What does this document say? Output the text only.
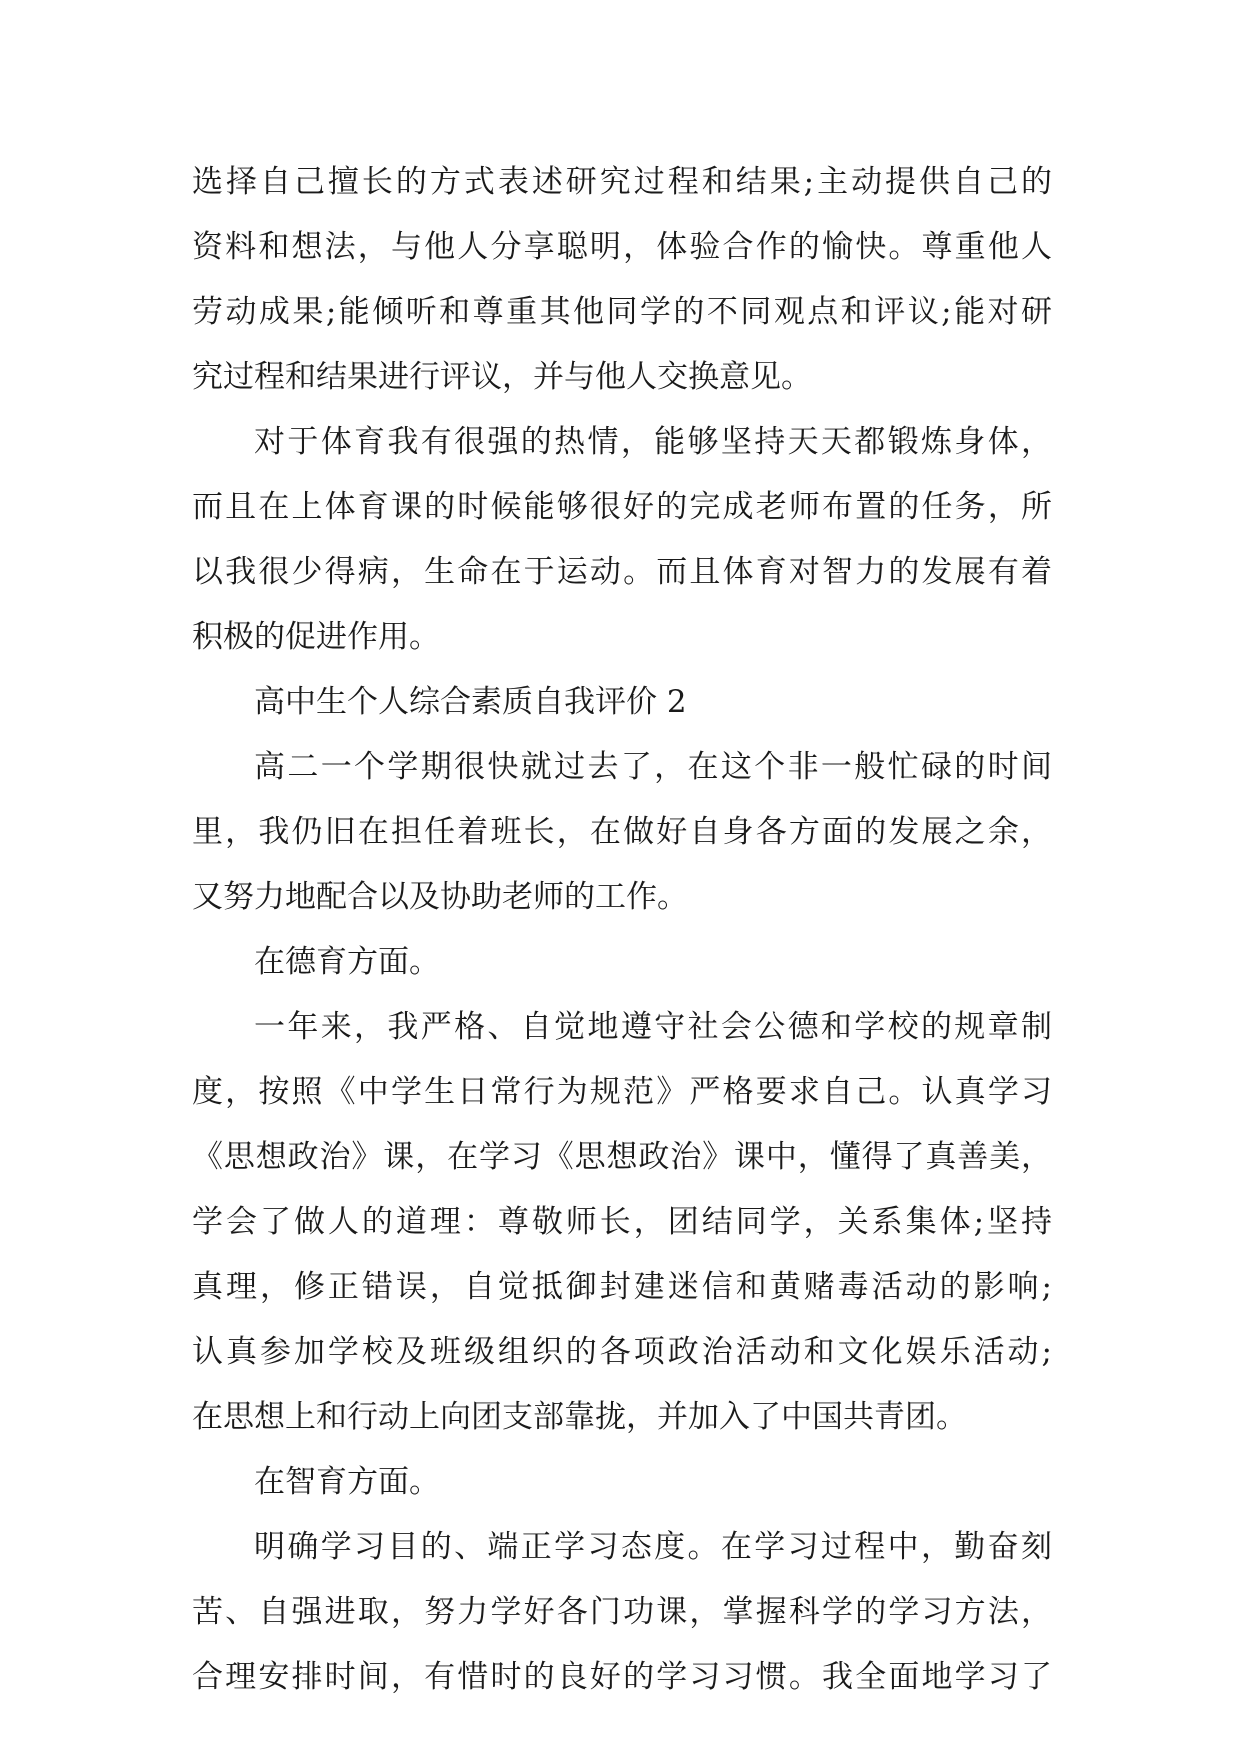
选择自己擅长的方式表述研究过程和结果;主动提供自己的
资料和想法，与他人分享聪明，体验合作的愉快。尊重他人
劳动成果;能倾听和尊重其他同学的不同观点和评议;能对研
究过程和结果进行评议，并与他人交换意见。
对于体育我有很强的热情，能够坚持天天都锻炼身体，
而且在上体育课的时候能够很好的完成老师布置的任务，所
以我很少得病，生命在于运动。而且体育对智力的发展有着
积极的促进作用。
高中生个人综合素质自我评价 2
高二一个学期很快就过去了，在这个非一般忙碌的时间
里，我仍旧在担任着班长，在做好自身各方面的发展之余，
又努力地配合以及协助老师的工作。
在德育方面。
一年来，我严格、自觉地遵守社会公德和学校的规章制
度，按照《中学生日常行为规范》严格要求自己。认真学习
《思想政治》课，在学习《思想政治》课中，懂得了真善美，
学会了做人的道理：尊敬师长，团结同学，关系集体;坚持
真理，修正错误，自觉抵御封建迷信和黄赌毒活动的影响;
认真参加学校及班级组织的各项政治活动和文化娱乐活动;
在思想上和行动上向团支部靠拢，并加入了中国共青团。
在智育方面。
明确学习目的、端正学习态度。在学习过程中，勤奋刻
苦、自强进取，努力学好各门功课，掌握科学的学习方法，
合理安排时间，有惜时的良好的学习习惯。我全面地学习了
